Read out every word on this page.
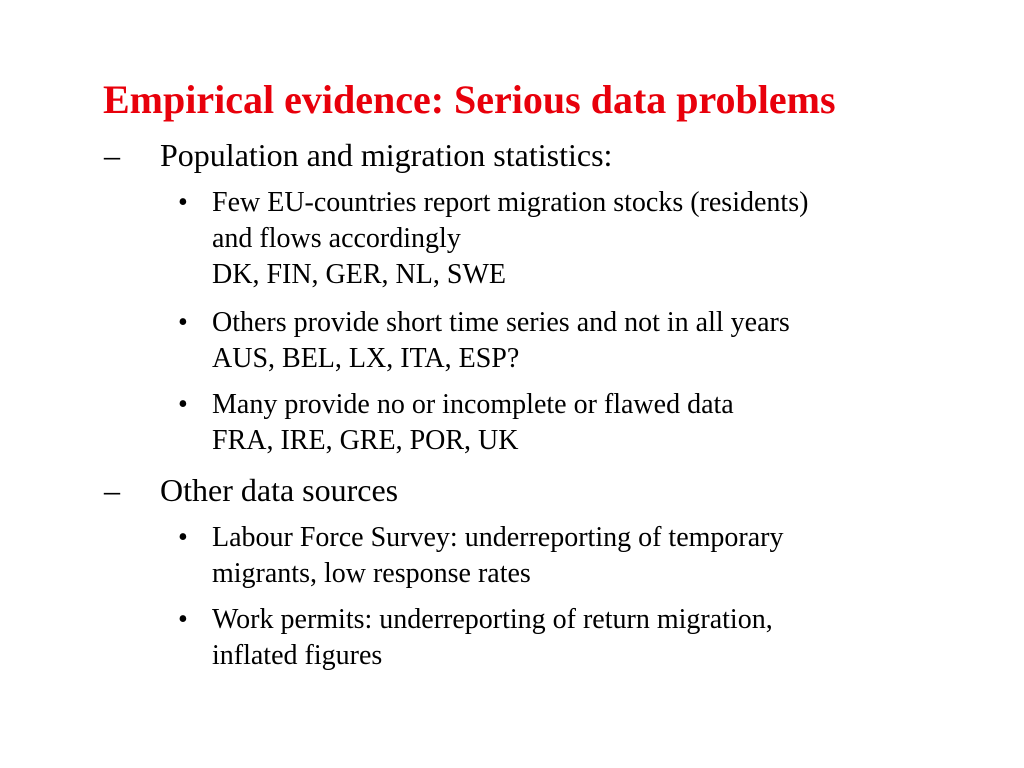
Empirical evidence: Serious data problems
– Population and migration statistics:
• Few EU-countries report migration stocks (residents)
and flows accordingly
DK, FIN, GER, NL, SWE
• Others provide short time series and not in all years
AUS, BEL, LX, ITA, ESP?
• Many provide no or incomplete or flawed data
FRA, IRE, GRE, POR, UK
– Other data sources
• Labour Force Survey: underreporting of temporary
migrants, low response rates
• Work permits: underreporting of return migration,
inflated figures
